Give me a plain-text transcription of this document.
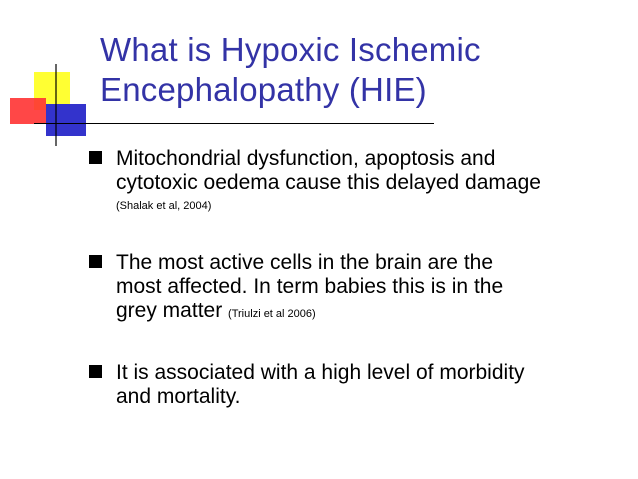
What is Hypoxic Ischemic
Encephalopathy (HIE)
Mitochondrial dysfunction, apoptosis and
cytotoxic oedema cause this delayed damage
(Shalak et al, 2004)
The most active cells in the brain are the
most affected. In term babies this is in the
grey matter (Triulzi et al 2006)
It is associated with a high level of morbidity
and mortality.
